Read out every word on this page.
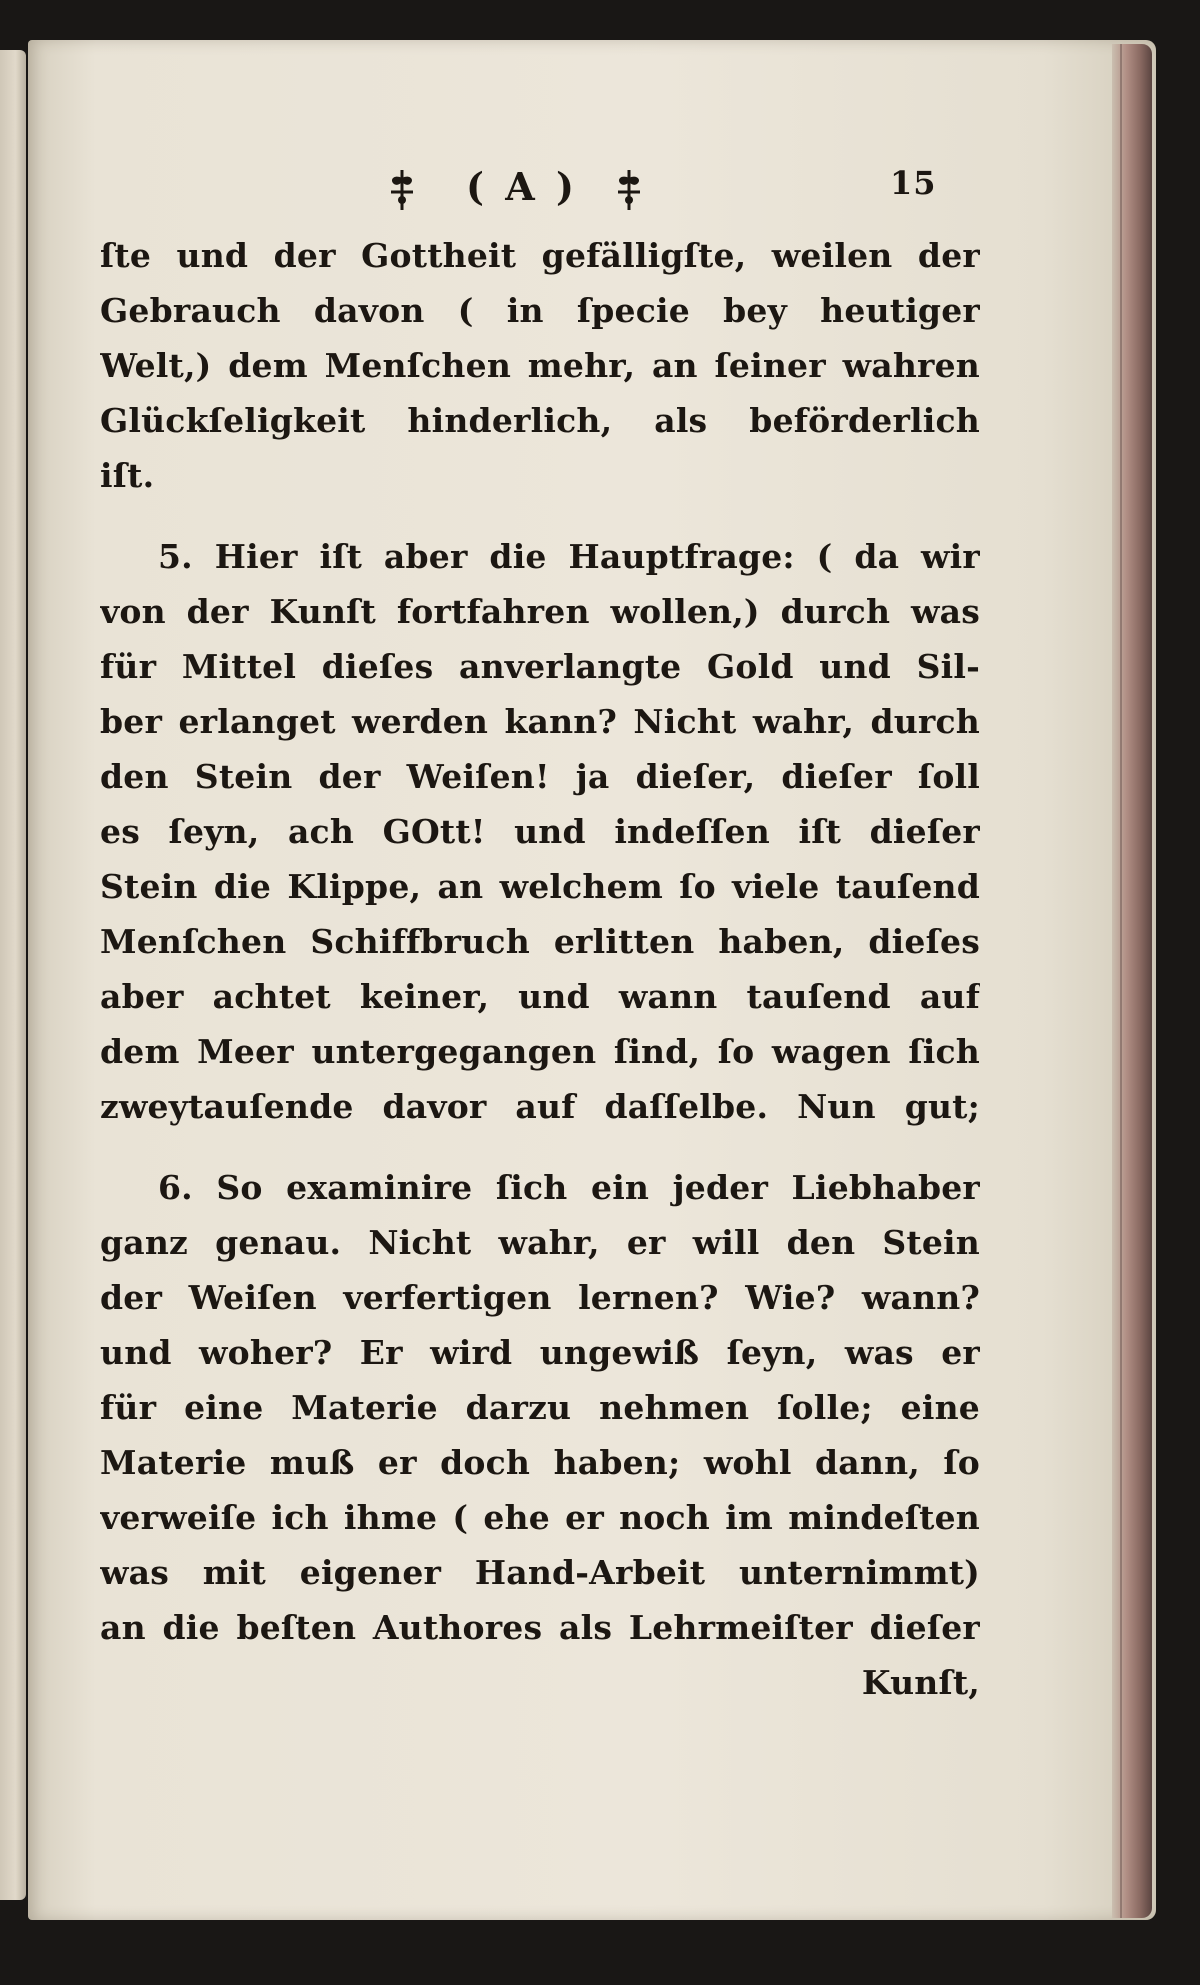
( A )	15
ſte und der Gottheit gefälligſte, weilen der
Gebrauch davon ( in ſpecie bey heutiger
Welt,) dem Menſchen mehr, an ſeiner wahren
Glückſeligkeit hinderlich, als beförderlich
iſt.
5. Hier iſt aber die Hauptfrage: ( da wir
von der Kunſt fortfahren wollen,) durch was
für Mittel dieſes anverlangte Gold und Sil-
ber erlanget werden kann? Nicht wahr, durch
den Stein der Weiſen! ja dieſer, dieſer ſoll
es ſeyn, ach GOtt! und indeſſen iſt dieſer
Stein die Klippe, an welchem ſo viele tauſend
Menſchen Schiffbruch erlitten haben, dieſes
aber achtet keiner, und wann tauſend auf
dem Meer untergegangen ſind, ſo wagen ſich
zweytauſende davor auf daſſelbe. Nun gut;
6. So examinire ſich ein jeder Liebhaber
ganz genau. Nicht wahr, er will den Stein
der Weiſen verfertigen lernen? Wie? wann?
und woher? Er wird ungewiß ſeyn, was er
für eine Materie darzu nehmen ſolle; eine
Materie muß er doch haben; wohl dann, ſo
verweiſe ich ihme ( ehe er noch im mindeſten
was mit eigener Hand-Arbeit unternimmt)
an die beſten Authores als Lehrmeiſter dieſer
Kunſt,
